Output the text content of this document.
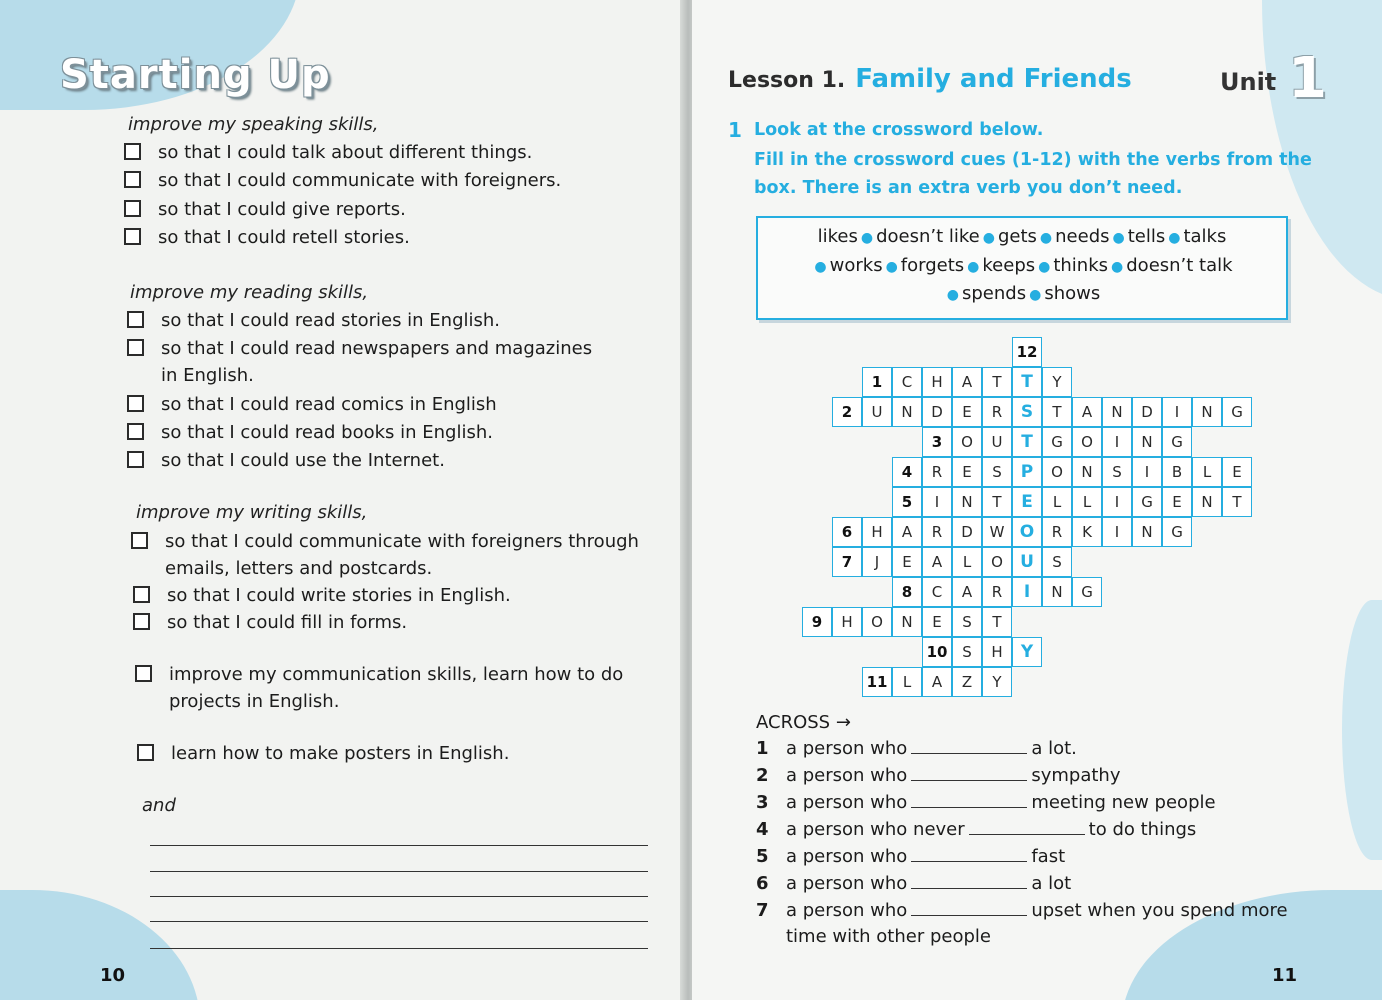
Starting Up
improve my speaking skills,
so that I could talk about different things.
so that I could communicate with foreigners.
so that I could give reports.
so that I could retell stories.
improve my reading skills,
so that I could read stories in English.
so that I could read newspapers and magazines in English.
so that I could read comics in English
so that I could read books in English.
so that I could use the Internet.
improve my writing skills,
so that I could communicate with foreigners through emails, letters and postcards.
so that I could write stories in English.
so that I could fill in forms.
improve my communication skills, learn how to do projects in English.
learn how to make posters in English.
and
10
Lesson 1. Family and Friends	Unit 1
1 Look at the crossword below.
Fill in the crossword cues (1-12) with the verbs from the
box. There is an extra verb you don’t need.
likes ● doesn’t like ● gets ● needs ● tells ● talks
● works ● forgets ● keeps ● thinks ● doesn’t talk
● spends ● shows
12
1	C	H	A	T	T	Y
2	U	N	D	E	R	S	T	A	N	D	I	N	G
3	O	U	T	G	O	I	N	G
4	R	E	S	P	O	N	S	I	B	L	E
5	I	N	T	E	L	L	I	G	E	N	T
6	H	A	R	D	W O	R	K	I	N	G
7	J	E	A	L	O	U	S
8	C	A	R	I	N	G
9	H	O	N	E	S	T
10 S	H	Y
11	L	A	Z	Y
ACROSS →
1 a person who	a lot.
2 a person who	sympathy
3 a person who	meeting new people
4 a person who never	to do things
5 a person who	fast
6 a person who	a lot
7 a person who	upset when you spend more
time with other people
11
